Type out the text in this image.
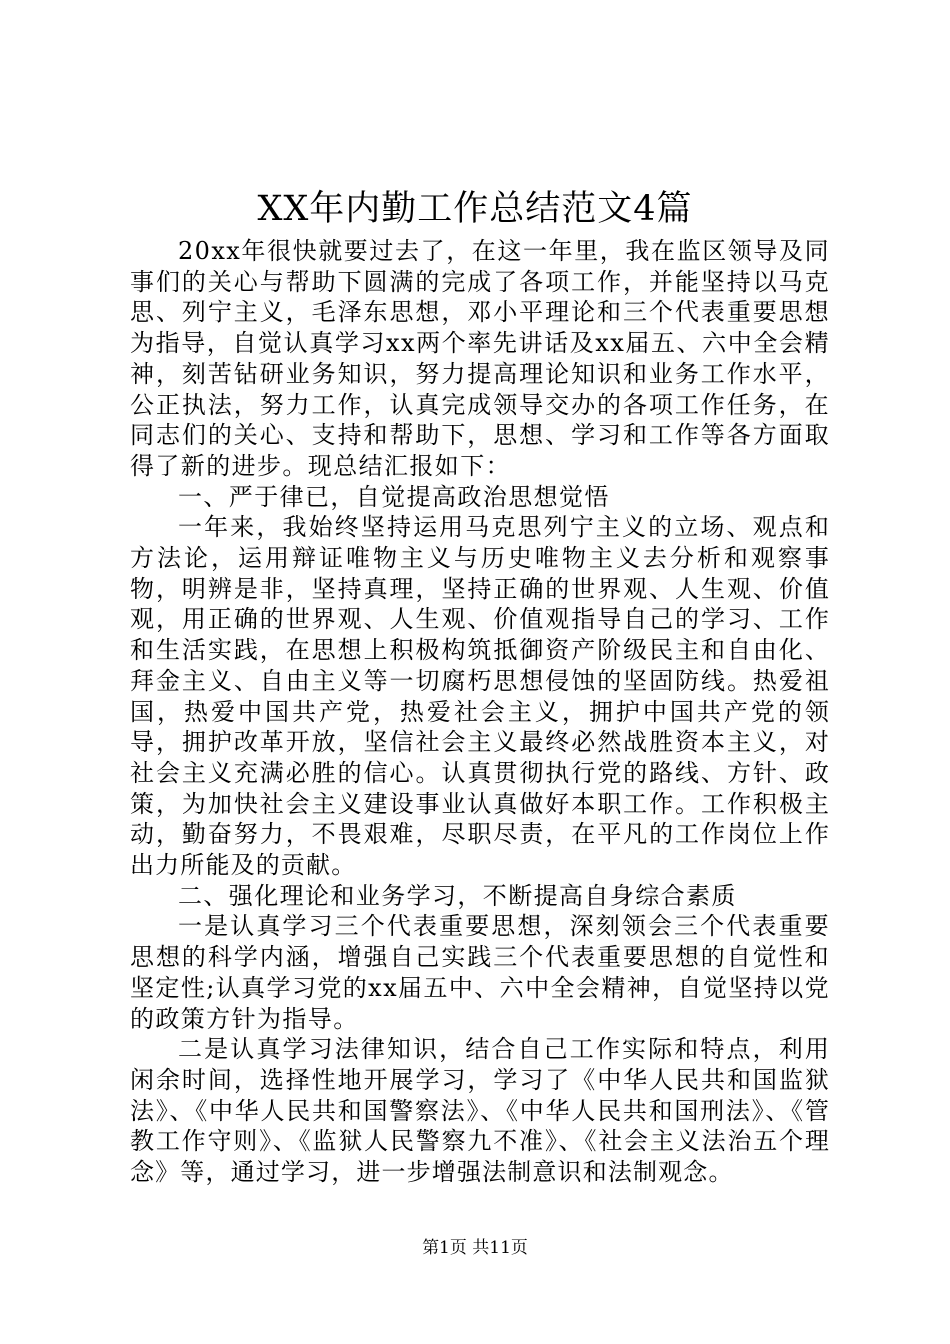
XX年内勤工作总结范文4篇

20xx年很快就要过去了，在这一年里，我在监区领导及同事们的关心与帮助下圆满的完成了各项工作，并能坚持以马克思、列宁主义，毛泽东思想，邓小平理论和三个代表重要思想为指导，自觉认真学习xx两个率先讲话及xx届五、六中全会精神，刻苦钻研业务知识，努力提高理论知识和业务工作水平，公正执法，努力工作，认真完成领导交办的各项工作任务，在同志们的关心、支持和帮助下，思想、学习和工作等各方面取得了新的进步。现总结汇报如下：

一、严于律已，自觉提高政治思想觉悟

一年来，我始终坚持运用马克思列宁主义的立场、观点和方法论，运用辩证唯物主义与历史唯物主义去分析和观察事物，明辨是非，坚持真理，坚持正确的世界观、人生观、价值观，用正确的世界观、人生观、价值观指导自己的学习、工作和生活实践，在思想上积极构筑抵御资产阶级民主和自由化、拜金主义、自由主义等一切腐朽思想侵蚀的坚固防线。热爱祖国，热爱中国共产党，热爱社会主义，拥护中国共产党的领导，拥护改革开放，坚信社会主义最终必然战胜资本主义，对社会主义充满必胜的信心。认真贯彻执行党的路线、方针、政策，为加快社会主义建设事业认真做好本职工作。工作积极主动，勤奋努力，不畏艰难，尽职尽责，在平凡的工作岗位上作出力所能及的贡献。

二、强化理论和业务学习，不断提高自身综合素质

一是认真学习三个代表重要思想，深刻领会三个代表重要思想的科学内涵，增强自己实践三个代表重要思想的自觉性和坚定性;认真学习党的xx届五中、六中全会精神，自觉坚持以党的政策方针为指导。

二是认真学习法律知识，结合自己工作实际和特点，利用闲余时间，选择性地开展学习，学习了《中华人民共和国监狱法》、《中华人民共和国警察法》、《中华人民共和国刑法》、《管教工作守则》、《监狱人民警察九不准》、《社会主义法治五个理念》等，通过学习，进一步增强法制意识和法制观念。

第1页 共11页
